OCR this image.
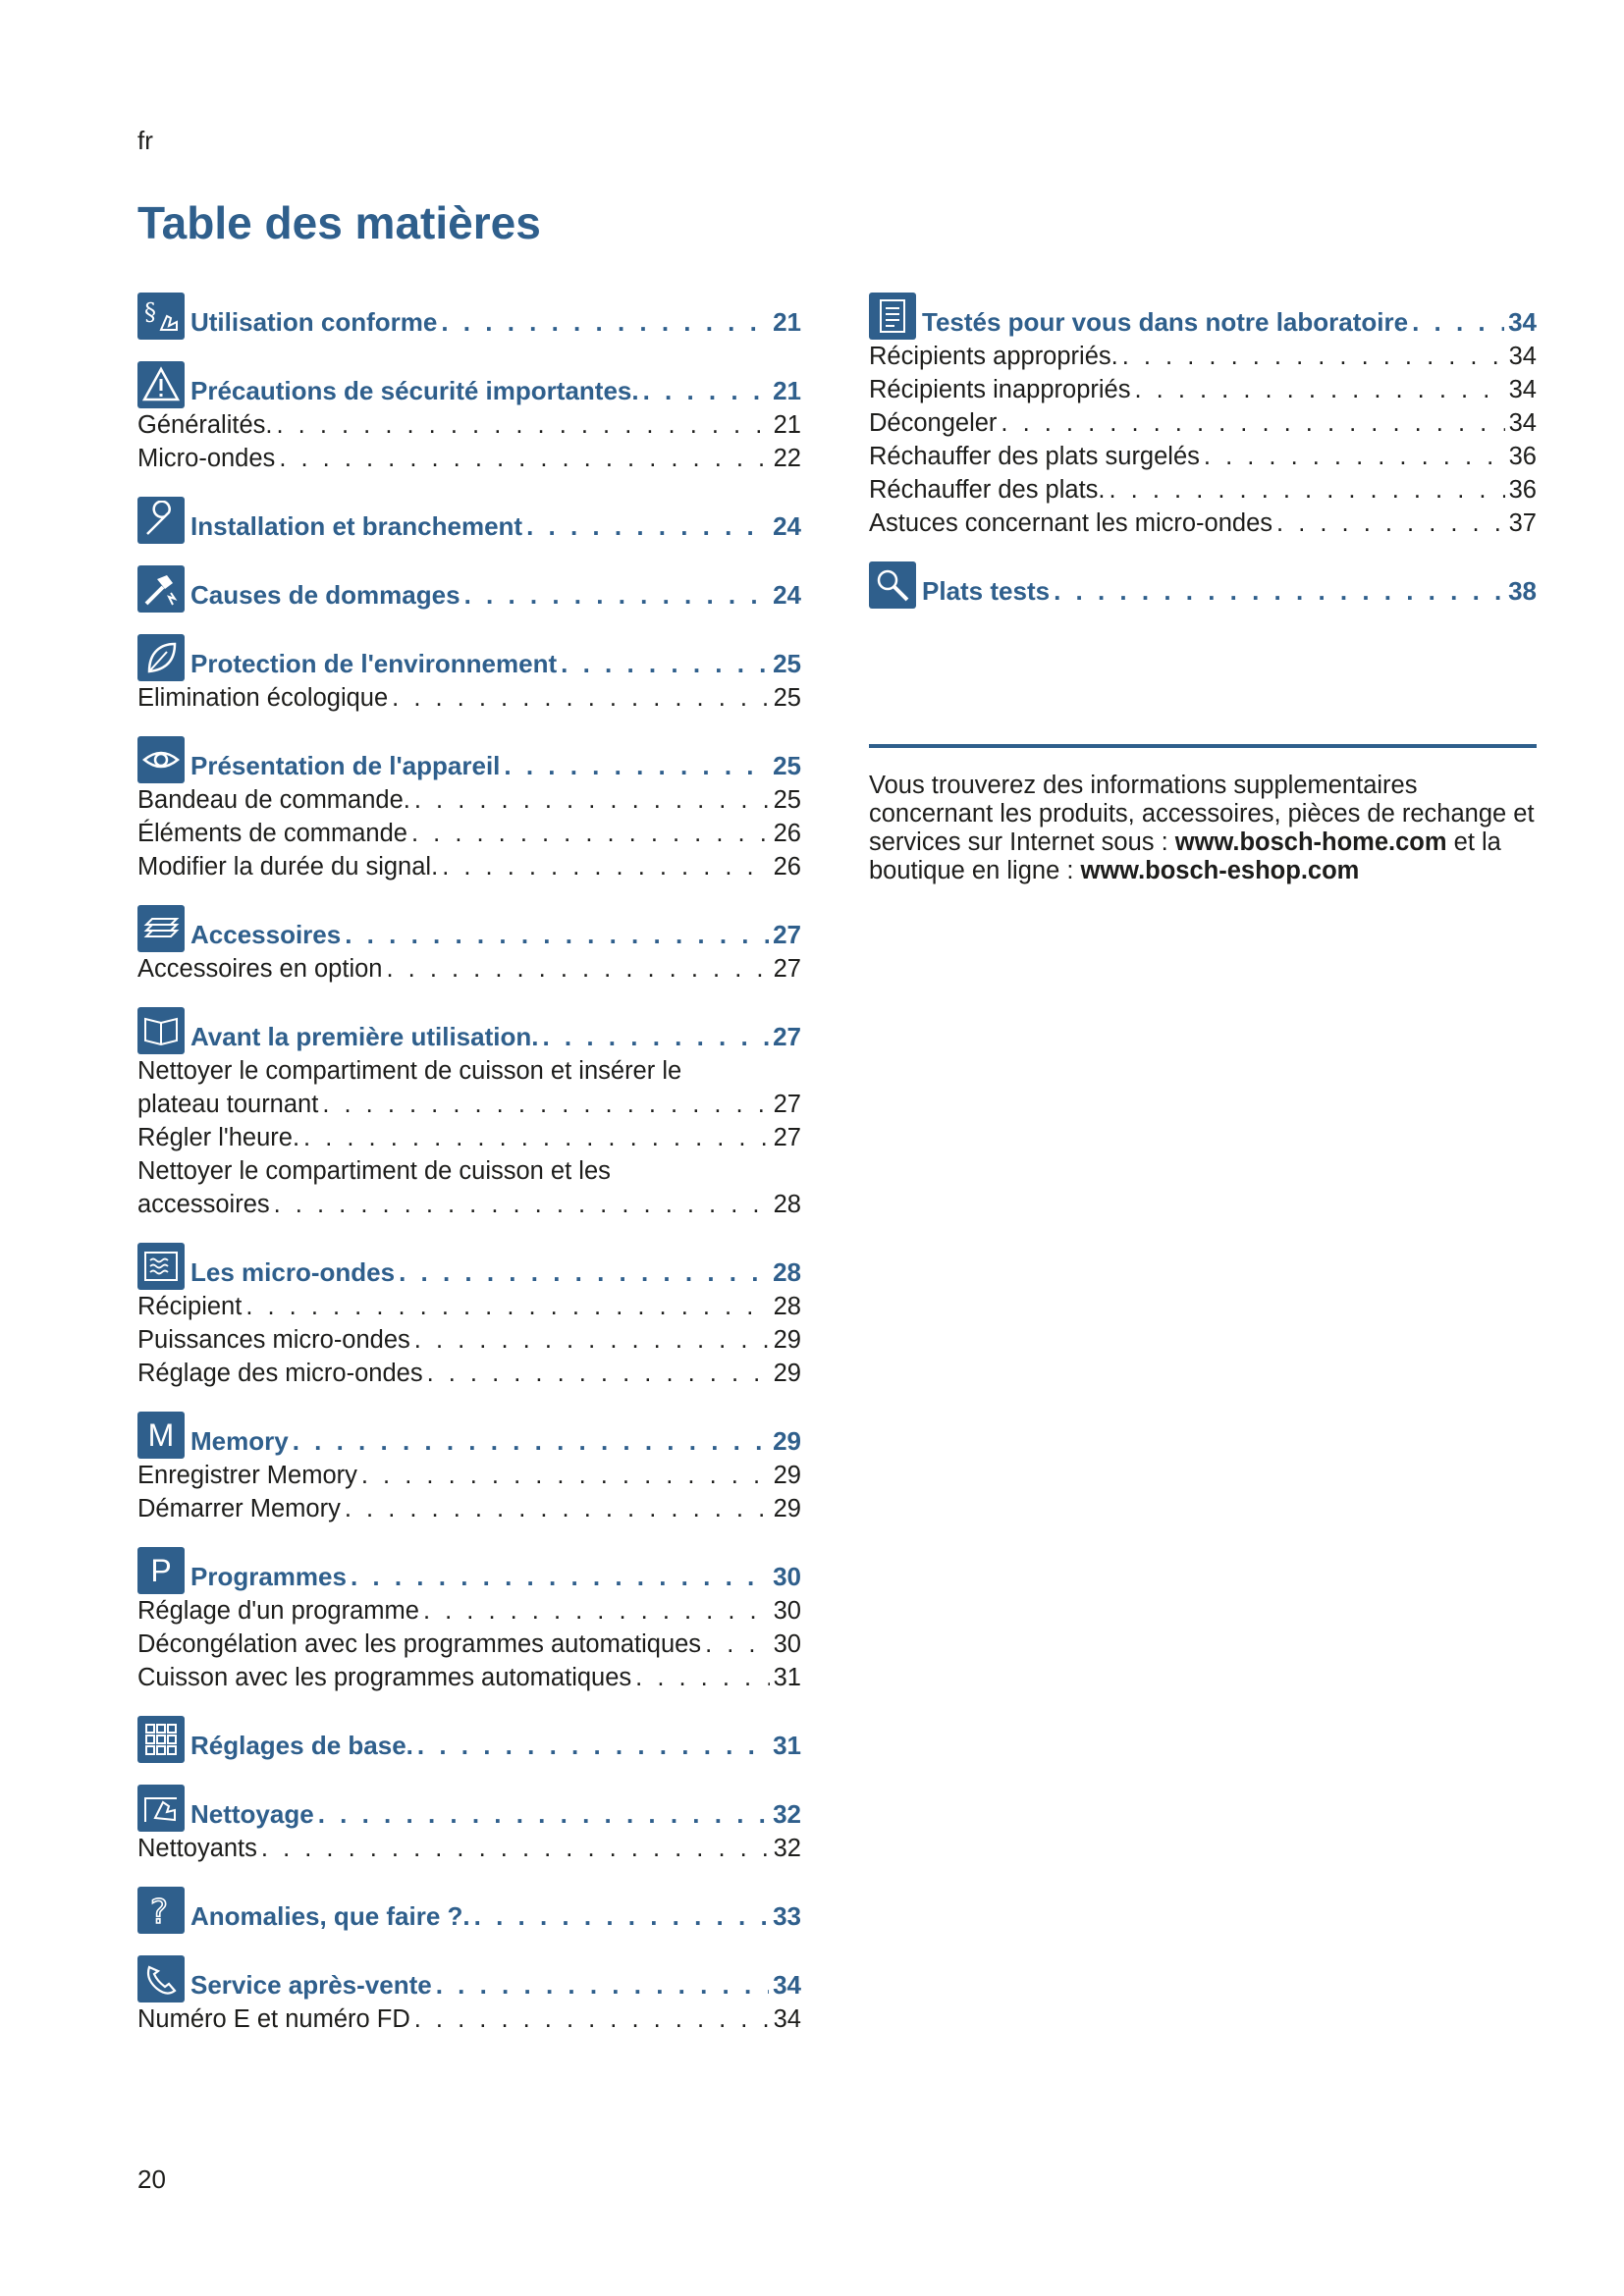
fr
Table des matières
§ Utilisation conforme . . .	21
Précautions de sécurité importantes. . . .	21
Généralités. . . .	21
Micro-ondes . . .	22
Installation et branchement . . .	24
Causes de dommages . . .	24
Protection de l'environnement . . .	25
Elimination écologique . . .	25
Présentation de l'appareil . . .	25
Bandeau de commande. . . .	25
Éléments de commande . . .	26
Modifier la durée du signal. . . .	26
Accessoires . . .	27
Accessoires en option . . .	27
Avant la première utilisation. . . .	27
Nettoyer le compartiment de cuisson et insérer le
plateau tournant . . .	27
Régler l'heure. . . .	27
Nettoyer le compartiment de cuisson et les
accessoires . . .	28
Les micro-ondes . . .	28
Récipient . . .	28
Puissances micro-ondes . . .	29
Réglage des micro-ondes . . .	29
M Memory . . .	29
Enregistrer Memory . . .	29
Démarrer Memory . . .	29
P Programmes . . .	30
Réglage d'un programme . . .	30
Décongélation avec les programmes automatiques . . .	30
Cuisson avec les programmes automatiques . . .	31
Réglages de base. . . .	31
Nettoyage . . .	32
Nettoyants . . .	32
? Anomalies, que faire ?. . . .	33
Service après-vente . . .	34
Numéro E et numéro FD . . .	34
Testés pour vous dans notre laboratoire . . .	34
Récipients appropriés. . . .	34
Récipients inappropriés . . .	34
Décongeler . . .	34
Réchauffer des plats surgelés . . .	36
Réchauffer des plats. . . .	36
Astuces concernant les micro-ondes . . .	37
Plats tests . . .	38
Vous trouverez des informations supplementaires concernant les produits, accessoires, pièces de rechange et services sur Internet sous : www.bosch-home.com et la boutique en ligne : www.bosch-eshop.com
20
